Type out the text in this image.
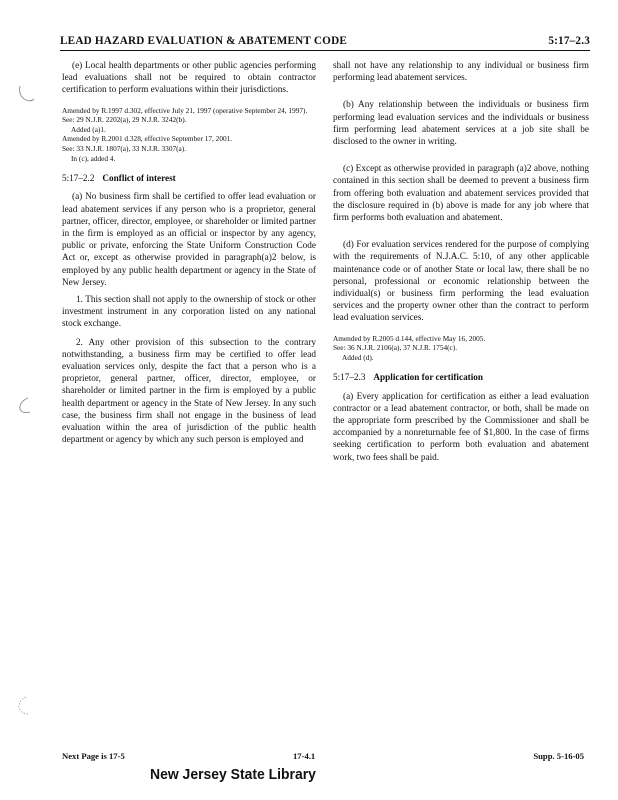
LEAD HAZARD EVALUATION & ABATEMENT CODE	5:17–2.3

(e) Local health departments or other public agencies performing lead evaluations shall not be required to obtain contractor certification to perform evaluations within their jurisdictions.

Amended by R.1997 d.302, effective July 21, 1997 (operative September 24, 1997).

See: 29 N.J.R. 2202(a), 29 N.J.R. 3242(b).

Added (a)1.

Amended by R.2001 d.328, effective September 17, 2001.

See: 33 N.J.R. 1807(a), 33 N.J.R. 3307(a).

In (c), added 4.

5:17–2.2 Conflict of interest

(a) No business firm shall be certified to offer lead evaluation or lead abatement services if any person who is a proprietor, general partner, officer, director, employee, or shareholder or limited partner in the firm is employed as an official or inspector by any agency, public or private, enforcing the State Uniform Construction Code Act or, except as otherwise provided in paragraph(a)2 below, is employed by any public health department or agency in the State of New Jersey.

1. This section shall not apply to the ownership of stock or other investment instrument in any corporation listed on any national stock exchange.

2. Any other provision of this subsection to the contrary notwithstanding, a business firm may be certified to offer lead evaluation services only, despite the fact that a person who is a proprietor, general partner, officer, director, employee, or shareholder or limited partner in the firm is employed by a public health department or agency in the State of New Jersey. In any such case, the business firm shall not engage in the business of lead evaluation within the area of jurisdiction of the public health department or agency by which any such person is employed and

shall not have any relationship to any individual or business firm performing lead abatement services.

(b) Any relationship between the individuals or business firm performing lead evaluation services and the individuals or business firm performing lead abatement services at a job site shall be disclosed to the owner in writing.

(c) Except as otherwise provided in paragraph (a)2 above, nothing contained in this section shall be deemed to prevent a business firm from offering both evaluation and abatement services provided that the disclosure required in (b) above is made for any job where that firm performs both evaluation and abatement.

(d) For evaluation services rendered for the purpose of complying with the requirements of N.J.A.C. 5:10, of any other applicable maintenance code or of another State or local law, there shall be no personal, professional or economic relationship between the individual(s) or business firm performing the lead evaluation services and the property owner other than the contract to perform lead evaluation services.

Amended by R.2005 d.144, effective May 16, 2005.

See: 36 N.J.R. 2106(a), 37 N.J.R. 1754(c).

Added (d).

5:17–2.3 Application for certification

(a) Every application for certification as either a lead evaluation contractor or a lead abatement contractor, or both, shall be made on the appropriate form prescribed by the Commissioner and shall be accompanied by a nonreturnable fee of $1,800. In the case of firms seeking certification to perform both evaluation and abatement work, two fees shall be paid.

Next Page is 17-5	17-4.1	Supp. 5-16-05
New Jersey State Library
